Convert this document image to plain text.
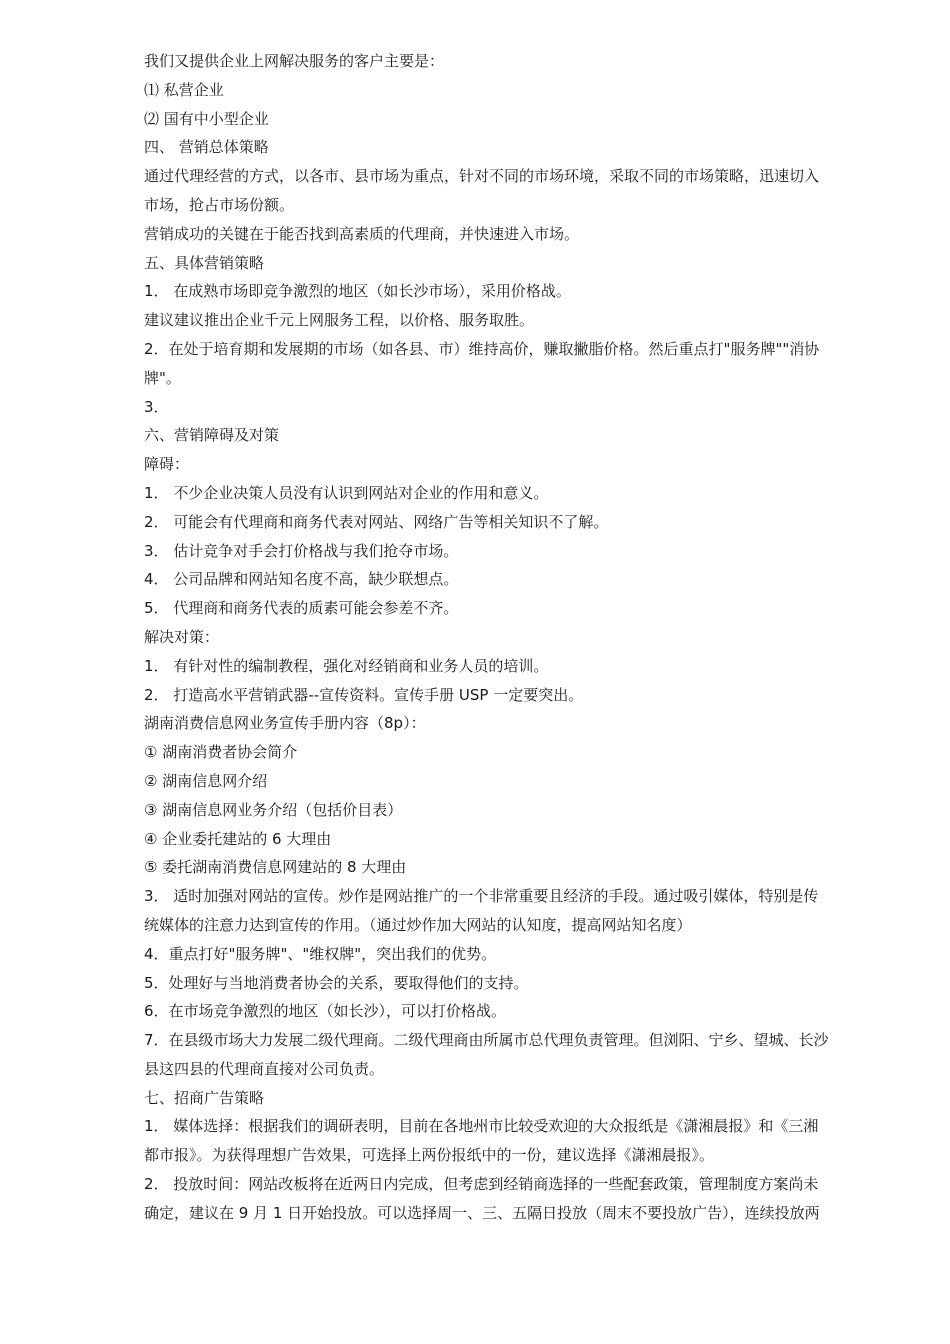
我们又提供企业上网解决服务的客户主要是：
⑴ 私营企业
⑵ 国有中小型企业
四、 营销总体策略
通过代理经营的方式，以各市、县市场为重点，针对不同的市场环境，采取不同的市场策略，迅速切入
市场，抢占市场份额。
营销成功的关键在于能否找到高素质的代理商，并快速进入市场。
五、具体营销策略
1． 在成熟市场即竞争激烈的地区（如长沙市场），采用价格战。
建议建议推出企业千元上网服务工程，以价格、服务取胜。
2．在处于培育期和发展期的市场（如各县、市）维持高价，赚取撇脂价格。然后重点打"服务牌""消协
牌"。
3．
六、营销障碍及对策
障碍：
1． 不少企业决策人员没有认识到网站对企业的作用和意义。
2． 可能会有代理商和商务代表对网站、网络广告等相关知识不了解。
3． 估计竞争对手会打价格战与我们抢夺市场。
4． 公司品牌和网站知名度不高，缺少联想点。
5． 代理商和商务代表的质素可能会参差不齐。
解决对策：
1． 有针对性的编制教程，强化对经销商和业务人员的培训。
2． 打造高水平营销武器--宣传资料。宣传手册 USP 一定要突出。
湖南消费信息网业务宣传手册内容（8p）：
① 湖南消费者协会简介
② 湖南信息网介绍
③ 湖南信息网业务介绍（包括价目表）
④ 企业委托建站的 6 大理由
⑤ 委托湖南消费信息网建站的 8 大理由
3． 适时加强对网站的宣传。炒作是网站推广的一个非常重要且经济的手段。通过吸引媒体，特别是传
统媒体的注意力达到宣传的作用。（通过炒作加大网站的认知度，提高网站知名度）
4．重点打好"服务牌"、"维权牌"，突出我们的优势。
5．处理好与当地消费者协会的关系，要取得他们的支持。
6．在市场竞争激烈的地区（如长沙），可以打价格战。
7．在县级市场大力发展二级代理商。二级代理商由所属市总代理负责管理。但浏阳、宁乡、望城、长沙
县这四县的代理商直接对公司负责。
七、招商广告策略
1． 媒体选择：根据我们的调研表明，目前在各地州市比较受欢迎的大众报纸是《潇湘晨报》和《三湘
都市报》。为获得理想广告效果，可选择上两份报纸中的一份，建议选择《潇湘晨报》。
2． 投放时间：网站改板将在近两日内完成，但考虑到经销商选择的一些配套政策，管理制度方案尚未
确定，建议在 9 月 1 日开始投放。可以选择周一、三、五隔日投放（周末不要投放广告），连续投放两
